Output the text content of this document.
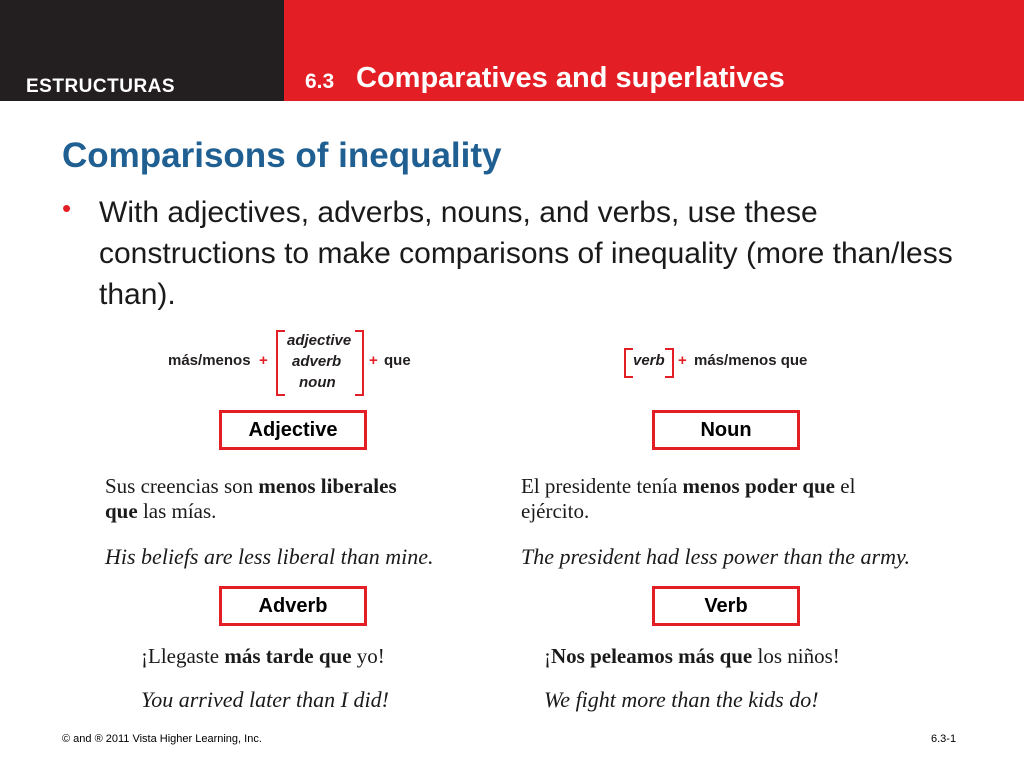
ESTRUCTURAS	6.3 Comparatives and superlatives
Comparisons of inequality
• With adjectives, adverbs, nouns, and verbs, use these constructions to make comparisons of inequality (more than/less than).
más/menos +
adjective
adverb
noun
+ que	verb + más/menos que
Adjective
Sus creencias son menos liberales
que las mías.
His beliefs are less liberal than mine.
Noun
El presidente tenía menos poder que el
ejército.
The president had less power than the army.
Adverb
¡Llegaste más tarde que yo!
You arrived later than I did!
Verb
¡Nos peleamos más que los niños!
We fight more than the kids do!
© and ® 2011 Vista Higher Learning, Inc.	6.3-1
